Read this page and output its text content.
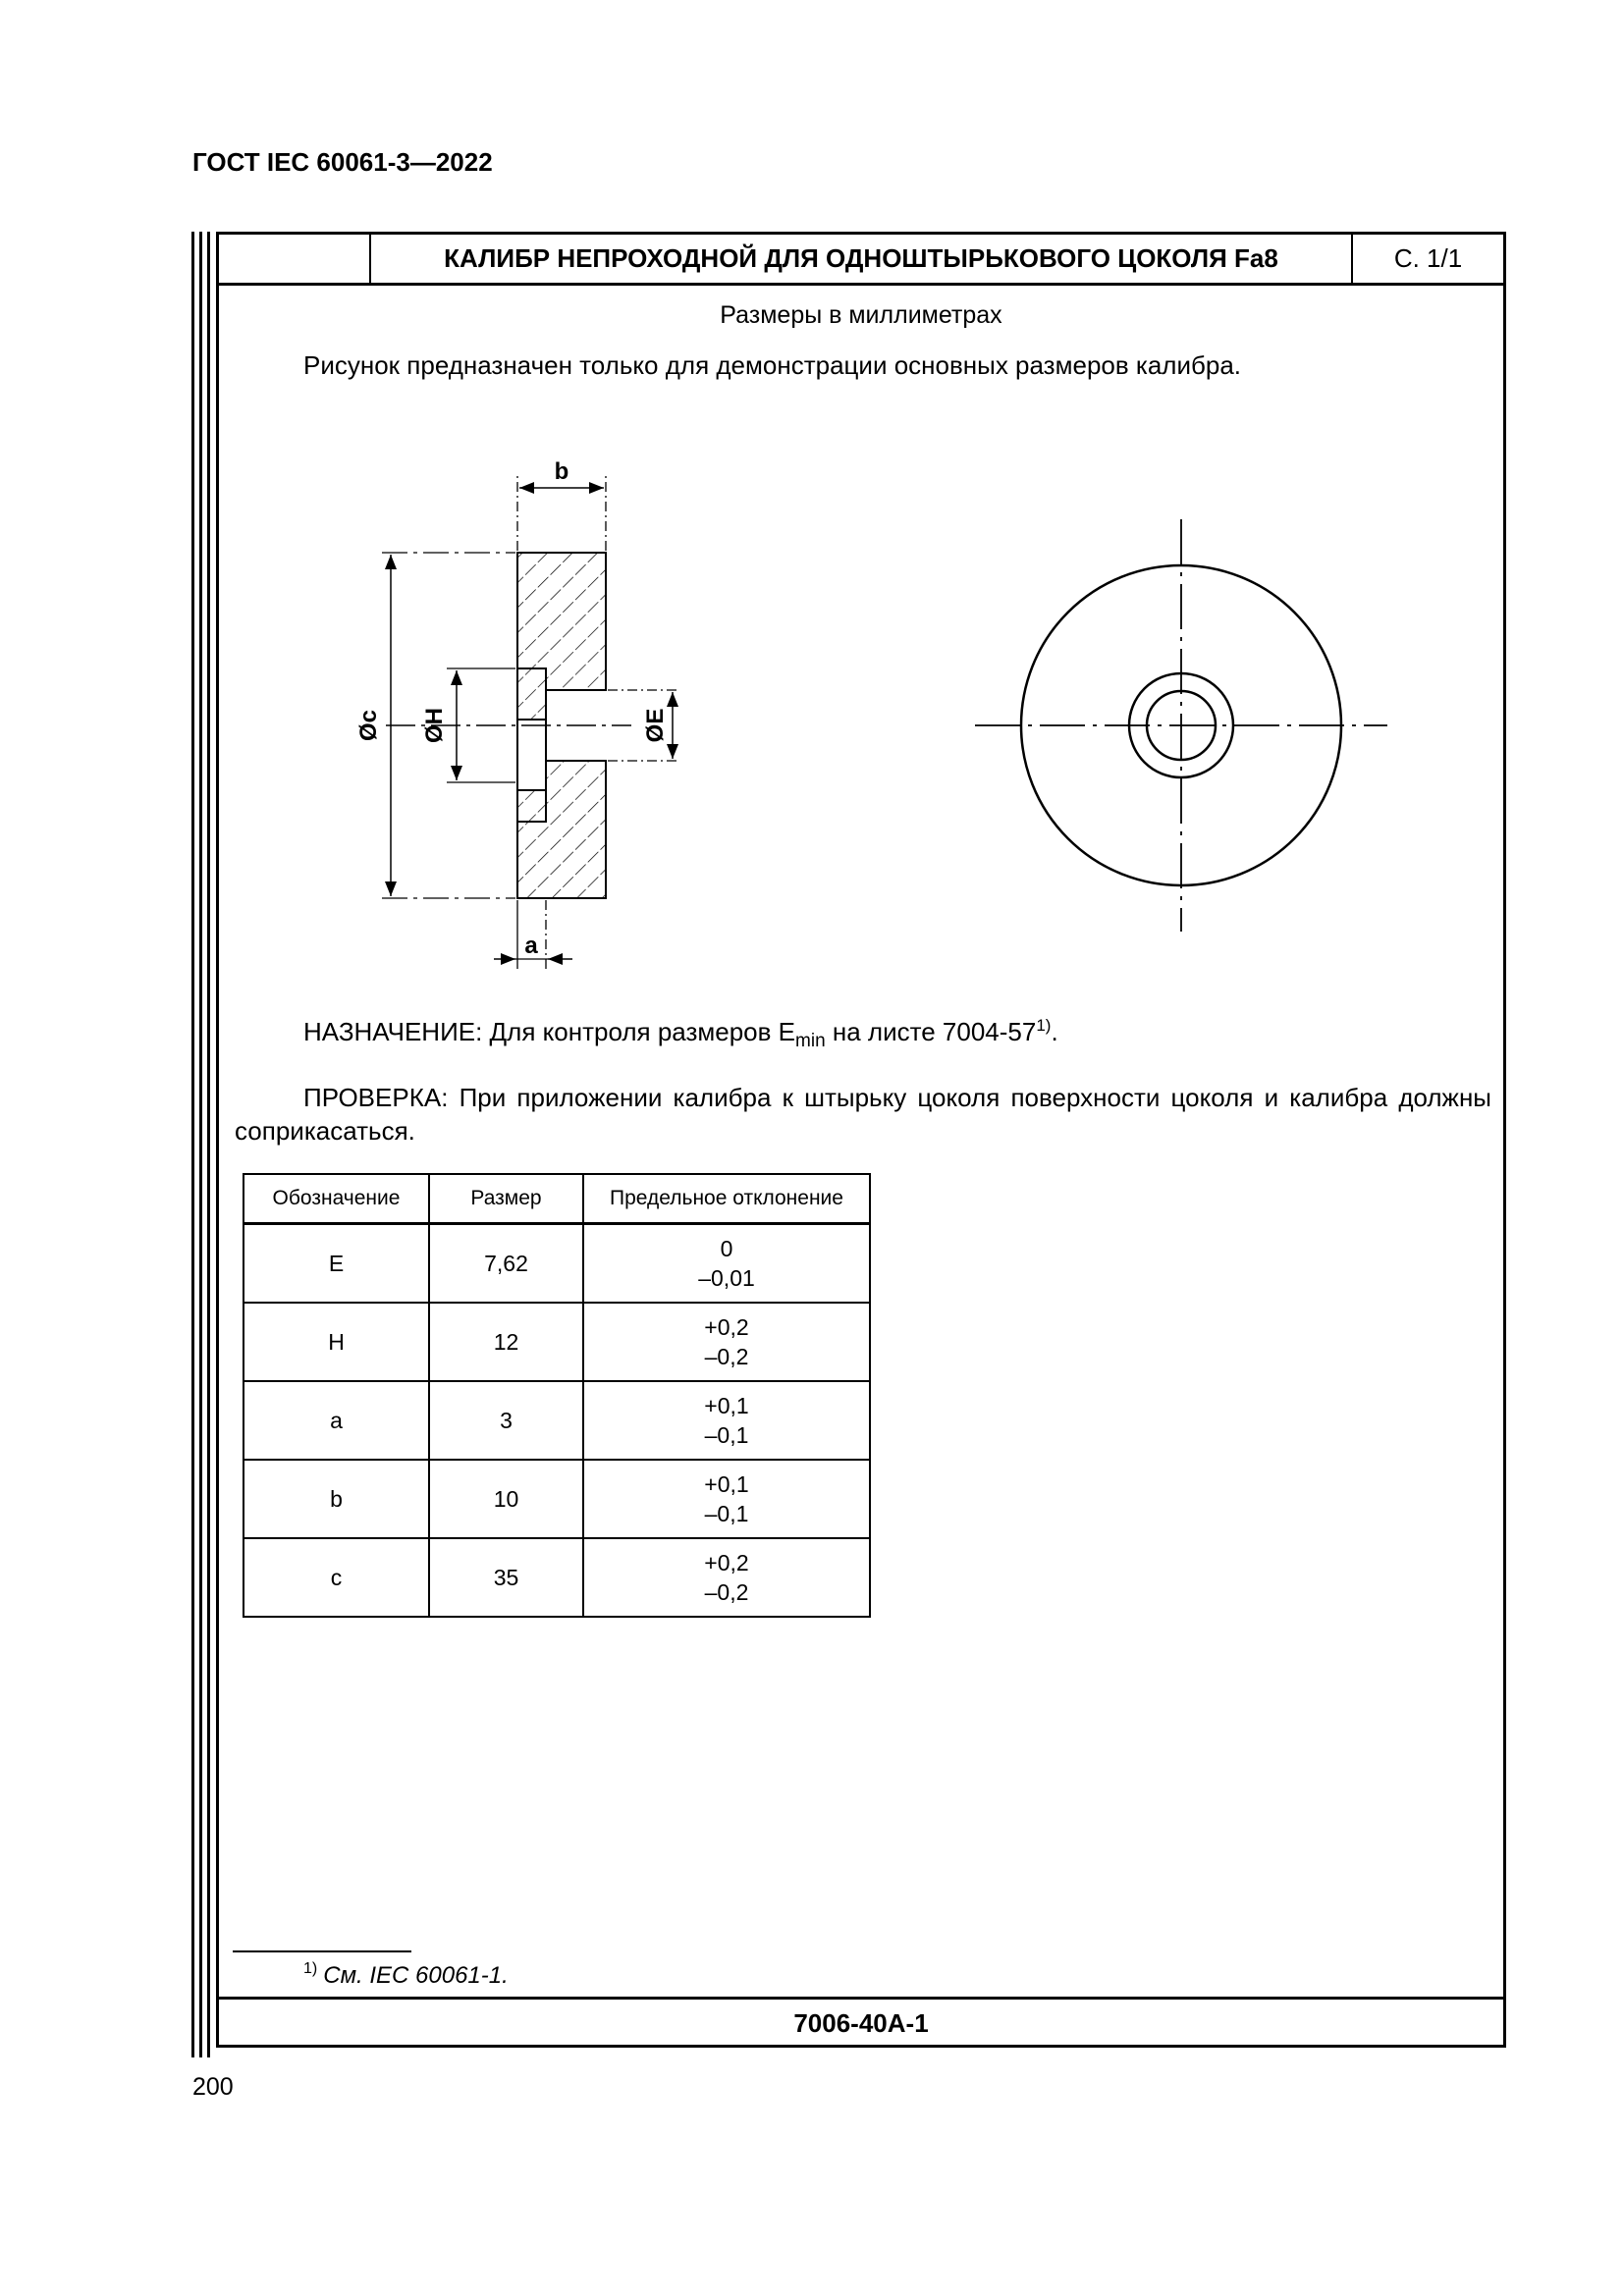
ГОСТ IEC 60061-3—2022
КАЛИБР НЕПРОХОДНОЙ ДЛЯ ОДНОШТЫРЬКОВОГО ЦОКОЛЯ Fa8	С. 1/1
Размеры в миллиметрах
Рисунок предназначен только для демонстрации основных размеров калибра.
b
Øc ØH	ØE
a
НАЗНАЧЕНИЕ: Для контроля размеров $E_{min}$ на листе 7004-57$^{1)}$.
ПРОВЕРКА: При приложении калибра к штырьку цоколя поверхности цоколя и калибра должны соприкасаться.
Обозначение	Размер	Предельное отклонение
E	7,62	0
–0,01

H	12	+0,2
–0,2

a	3	+0,1
–0,1

b	10	+0,1
–0,1

c	35	+0,2
–0,2
$^{1)}$ См. IEC 60061-1.
7006-40A-1
200
